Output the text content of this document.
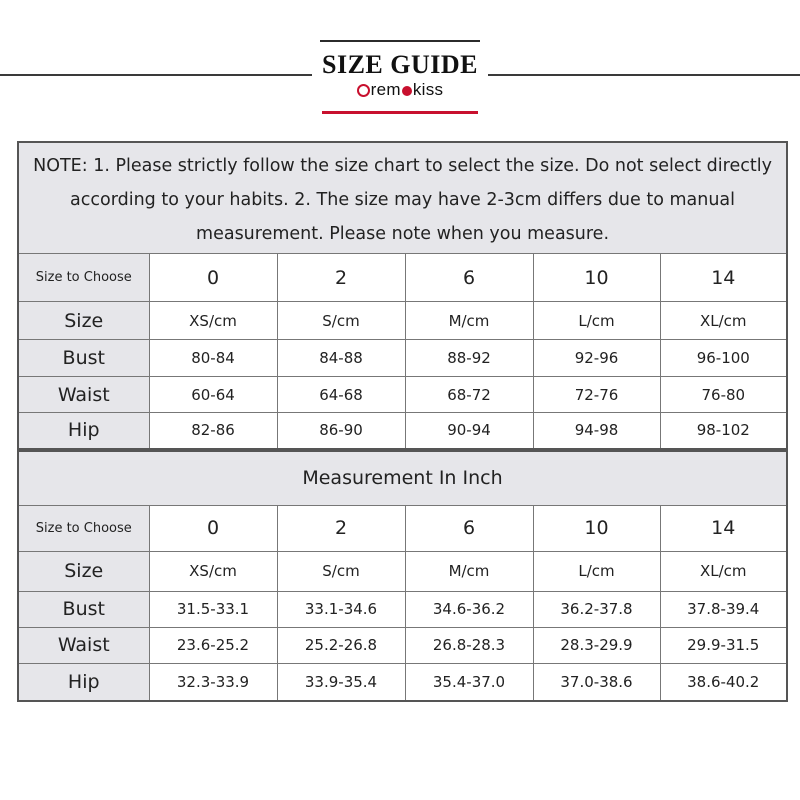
SIZE GUIDE
rem kiss
NOTE: 1. Please strictly follow the size chart to select the size. Do not select directly according to your habits. 2. The size may have 2-3cm differs due to manual measurement. Please note when you measure.					
Size to Choose	0	2	6	10	14
Size	XS/cm	S/cm	M/cm	L/cm	XL/cm
Bust	80-84	84-88	88-92	92-96	96-100
Waist	60-64	64-68	68-72	72-76	76-80
Hip	82-86	86-90	90-94	94-98	98-102
Measurement In Inch					
Size to Choose	0	2	6	10	14
Size	XS/cm	S/cm	M/cm	L/cm	XL/cm
Bust	31.5-33.1	33.1-34.6	34.6-36.2	36.2-37.8	37.8-39.4
Waist	23.6-25.2	25.2-26.8	26.8-28.3	28.3-29.9	29.9-31.5
Hip	32.3-33.9	33.9-35.4	35.4-37.0	37.0-38.6	38.6-40.2
